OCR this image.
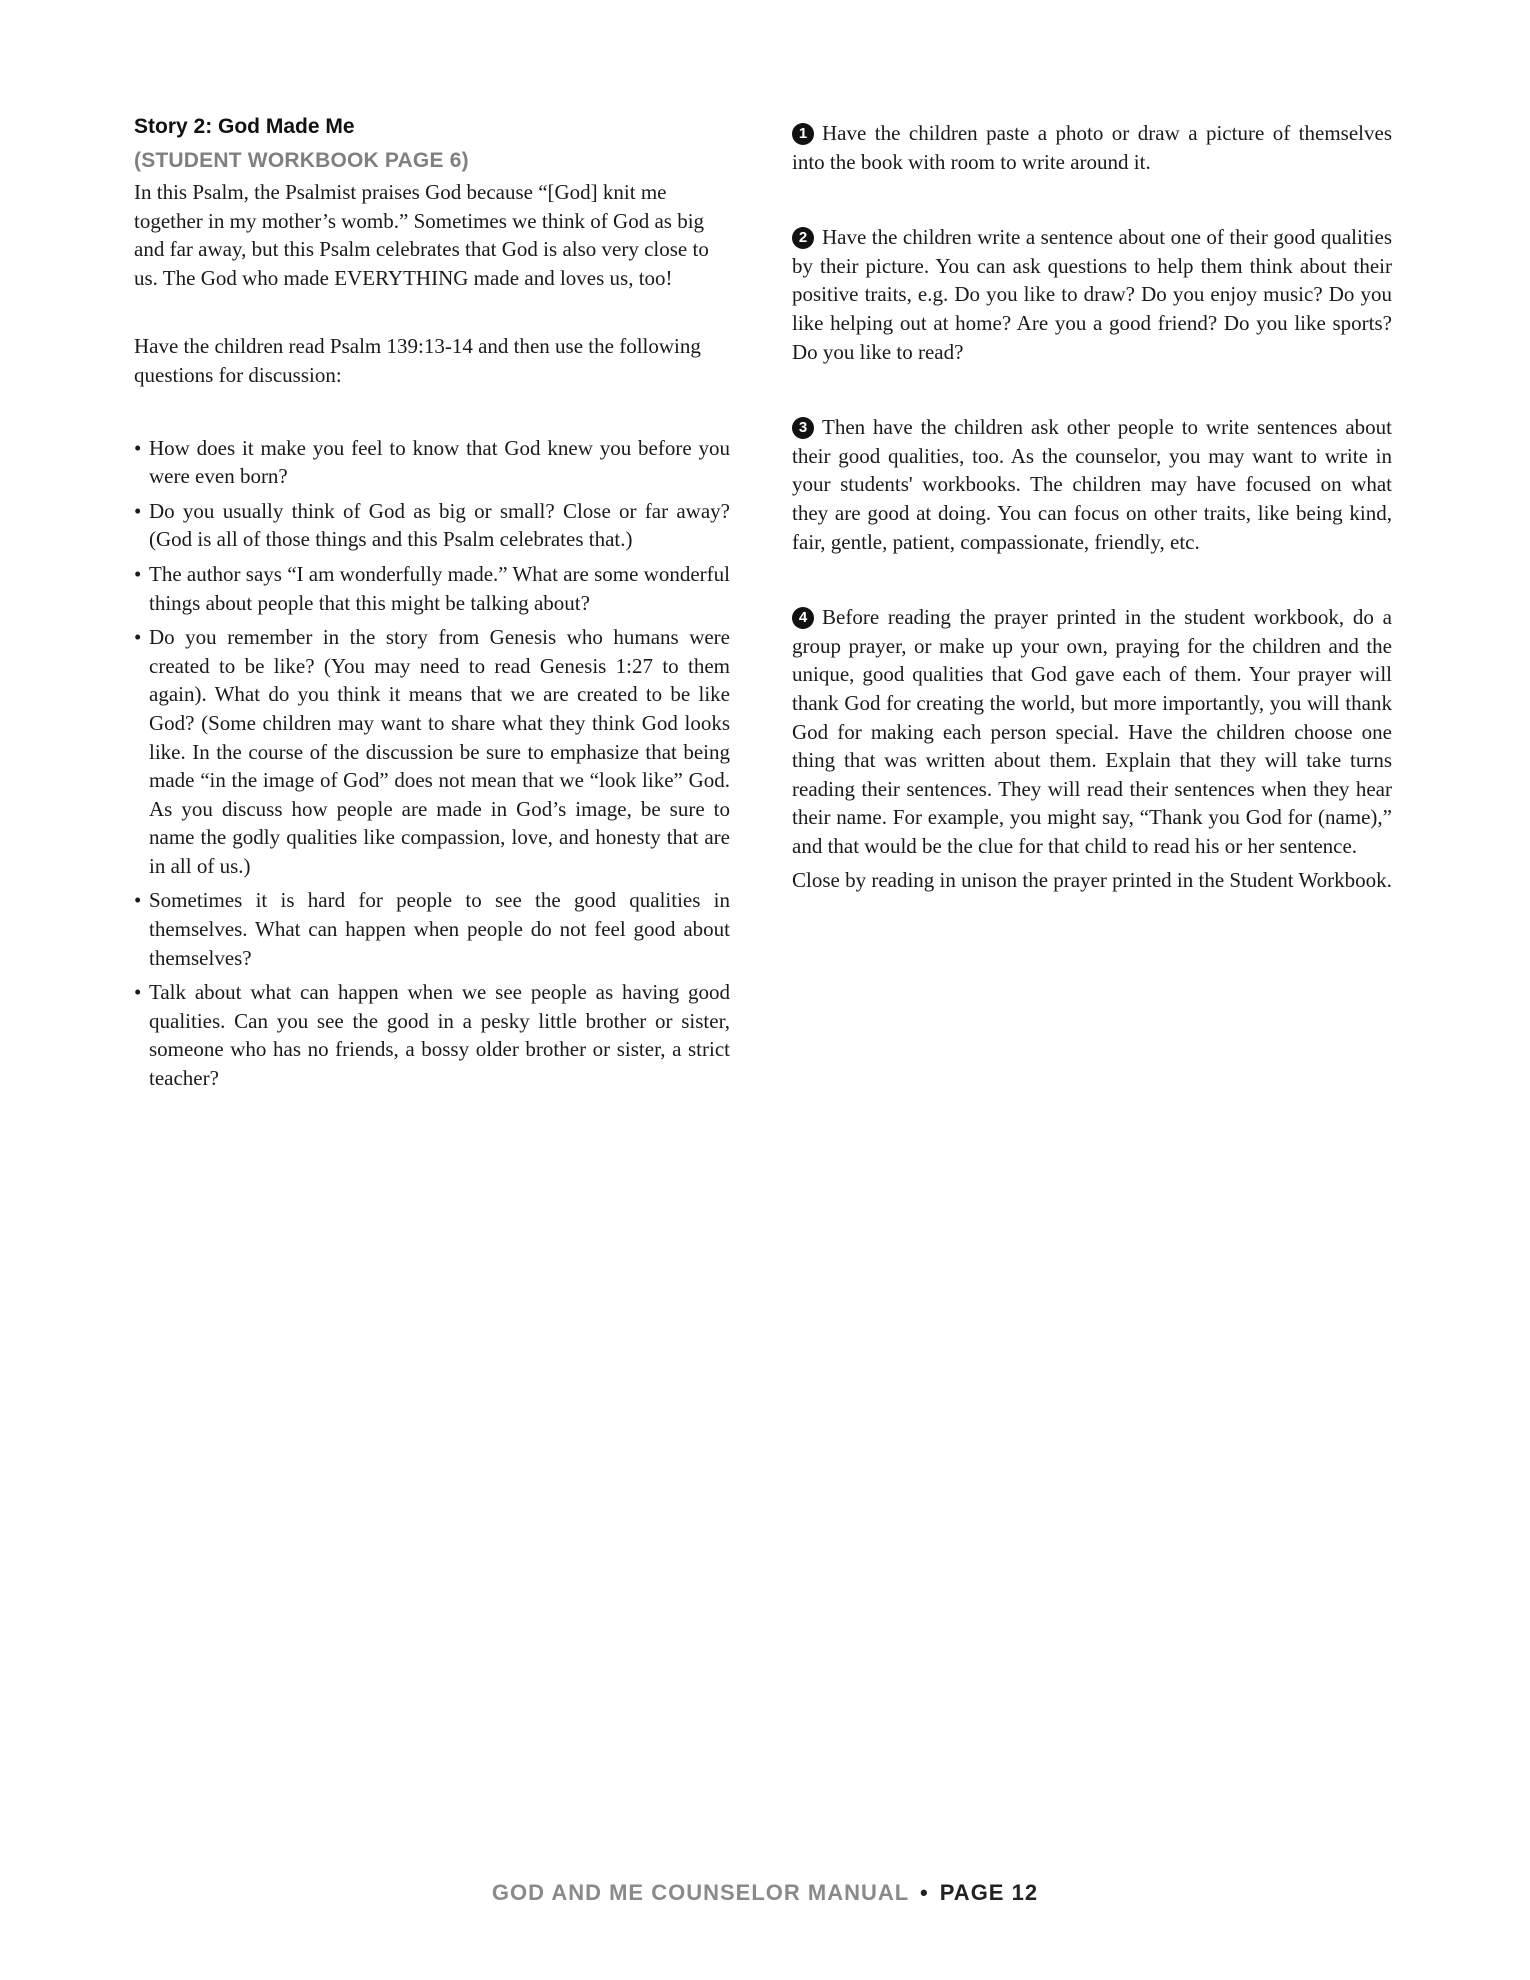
Story 2: God Made Me
(STUDENT WORKBOOK PAGE 6)

In this Psalm, the Psalmist praises God because “[God] knit me together in my mother’s womb.” Sometimes we think of God as big and far away, but this Psalm celebrates that God is also very close to us. The God who made EVERYTHING made and loves us, too!

Have the children read Psalm 139:13-14 and then use the following questions for discussion:

• How does it make you feel to know that God knew you before you were even born?
• Do you usually think of God as big or small? Close or far away? (God is all of those things and this Psalm celebrates that.)
• The author says “I am wonderfully made.” What are some wonderful things about people that this might be talking about?
• Do you remember in the story from Genesis who humans were created to be like? (You may need to read Genesis 1:27 to them again). What do you think it means that we are created to be like God? (Some children may want to share what they think God looks like. In the course of the discussion be sure to emphasize that being made “in the image of God” does not mean that we “look like” God. As you discuss how people are made in God’s image, be sure to name the godly qualities like compassion, love, and honesty that are in all of us.)
• Sometimes it is hard for people to see the good qualities in themselves. What can happen when people do not feel good about themselves?
• Talk about what can happen when we see people as having good qualities. Can you see the good in a pesky little brother or sister, someone who has no friends, a bossy older brother or sister, a strict teacher?

1 Have the children paste a photo or draw a picture of themselves into the book with room to write around it.

2 Have the children write a sentence about one of their good qualities by their picture. You can ask questions to help them think about their positive traits, e.g. Do you like to draw? Do you enjoy music? Do you like helping out at home? Are you a good friend? Do you like sports? Do you like to read?

3 Then have the children ask other people to write sentences about their good qualities, too. As the counselor, you may want to write in your students' workbooks. The children may have focused on what they are good at doing. You can focus on other traits, like being kind, fair, gentle, patient, compassionate, friendly, etc.

4 Before reading the prayer printed in the student workbook, do a group prayer, or make up your own, praying for the children and the unique, good qualities that God gave each of them. Your prayer will thank God for creating the world, but more importantly, you will thank God for making each person special. Have the children choose one thing that was written about them. Explain that they will take turns reading their sentences. They will read their sentences when they hear their name. For example, you might say, “Thank you God for (name),” and that would be the clue for that child to read his or her sentence.

Close by reading in unison the prayer printed in the Student Workbook.

GOD AND ME COUNSELOR MANUAL • PAGE 12
